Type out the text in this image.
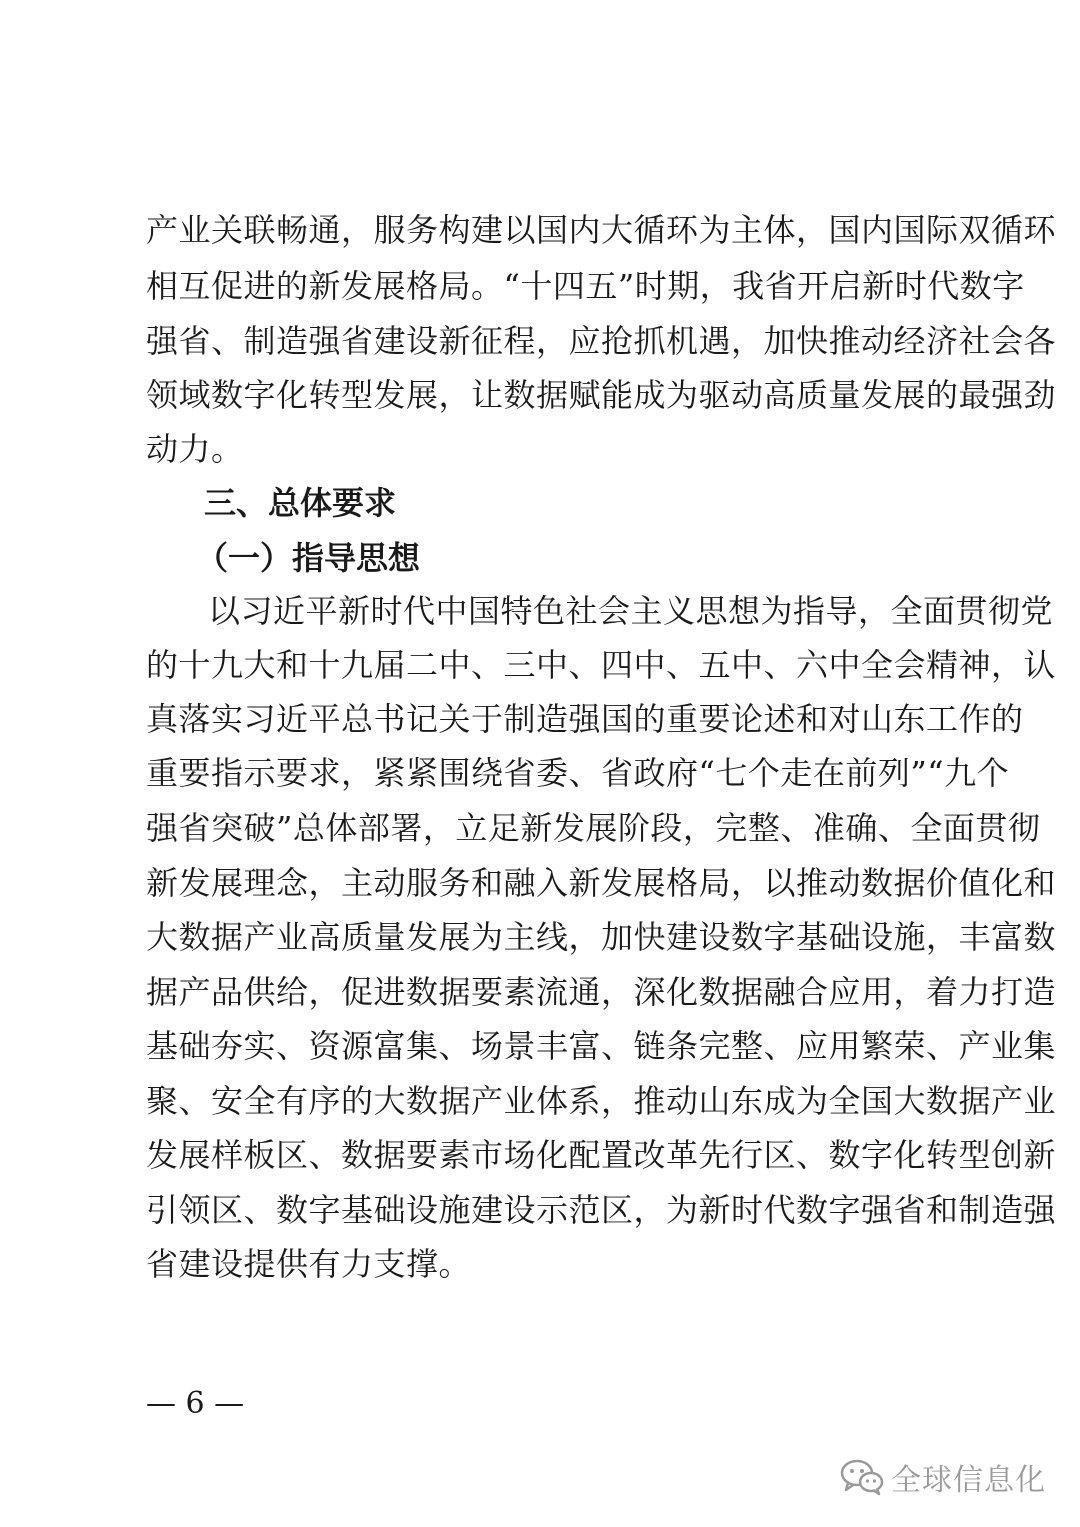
产业关联畅通，服务构建以国内大循环为主体，国内国际双循环
相互促进的新发展格局。“十四五”时期，我省开启新时代数字
强省、制造强省建设新征程，应抢抓机遇，加快推动经济社会各
领域数字化转型发展，让数据赋能成为驱动高质量发展的最强劲
动力。
三、总体要求
（一）指导思想
以习近平新时代中国特色社会主义思想为指导，全面贯彻党
的十九大和十九届二中、三中、四中、五中、六中全会精神，认
真落实习近平总书记关于制造强国的重要论述和对山东工作的
重要指示要求，紧紧围绕省委、省政府“七个走在前列”“九个
强省突破”总体部署，立足新发展阶段，完整、准确、全面贯彻
新发展理念，主动服务和融入新发展格局，以推动数据价值化和
大数据产业高质量发展为主线，加快建设数字基础设施，丰富数
据产品供给，促进数据要素流通，深化数据融合应用，着力打造
基础夯实、资源富集、场景丰富、链条完整、应用繁荣、产业集
聚、安全有序的大数据产业体系，推动山东成为全国大数据产业
发展样板区、数据要素市场化配置改革先行区、数字化转型创新
引领区、数字基础设施建设示范区，为新时代数字强省和制造强
省建设提供有力支撑。
— 6 —
全球信息化
